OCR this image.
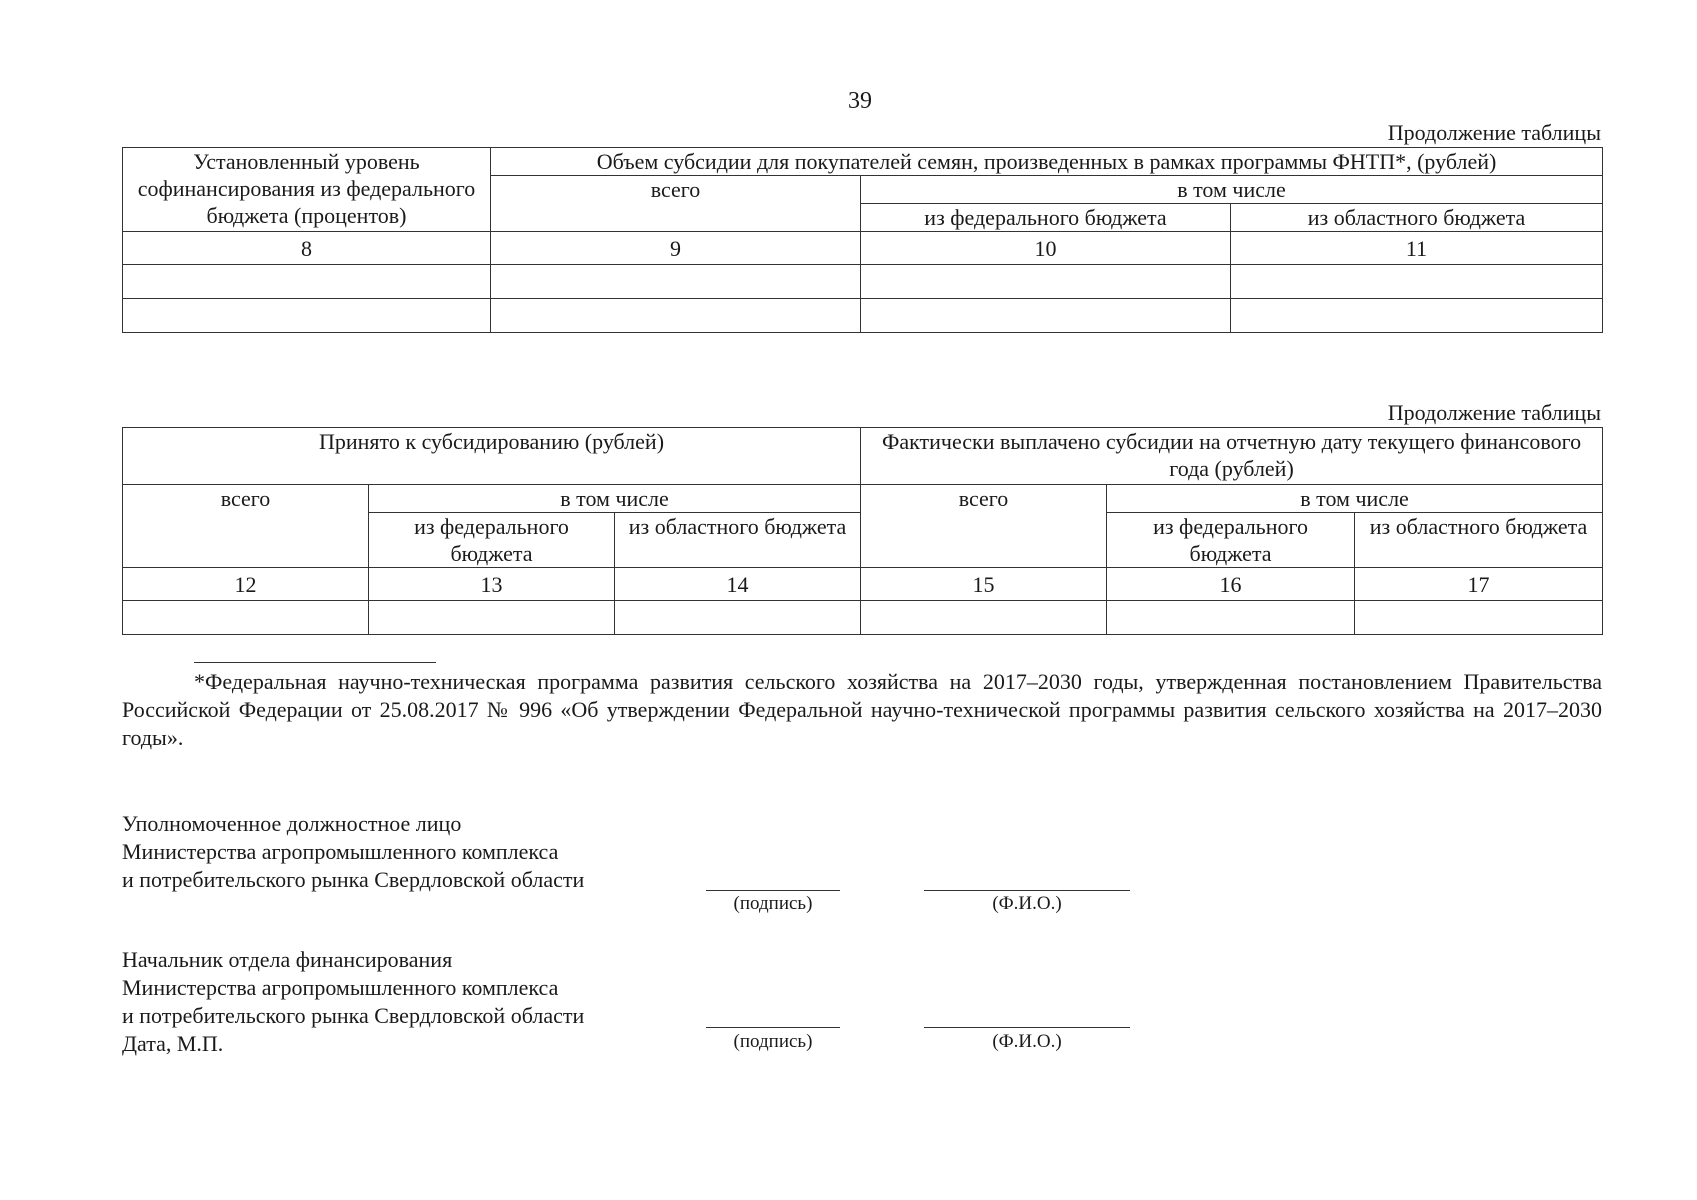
39
Продолжение таблицы
Установленный уровень софинансирования из федерального бюджета (процентов)	Объем субсидии для покупателей семян, произведенных в рамках программы ФНТП*, (рублей)		
	всего	в том числе	
		из федерального бюджета	из областного бюджета
8	9	10	11

Продолжение таблицы
Принято к субсидированию (рублей)			Фактически выплачено субсидии на отчетную дату текущего финансового года (рублей)		
всего	в том числе		всего	в том числе	
	из федерального бюджета	из областного бюджета		из федерального бюджета	из областного бюджета
12	13	14	15	16	17

*Федеральная научно-техническая программа развития сельского хозяйства на 2017–2030 годы, утвержденная постановлением Правительства Российской Федерации от 25.08.2017 № 996 «Об утверждении Федеральной научно-технической программы развития сельского хозяйства на 2017–2030 годы».

Уполномоченное должностное лицо
Министерства агропромышленного комплекса
и потребительского рынка Свердловской области
(подпись)	(Ф.И.О.)
Начальник отдела финансирования
Министерства агропромышленного комплекса
и потребительского рынка Свердловской области
Дата, М.П.	(подпись)	(Ф.И.О.)
